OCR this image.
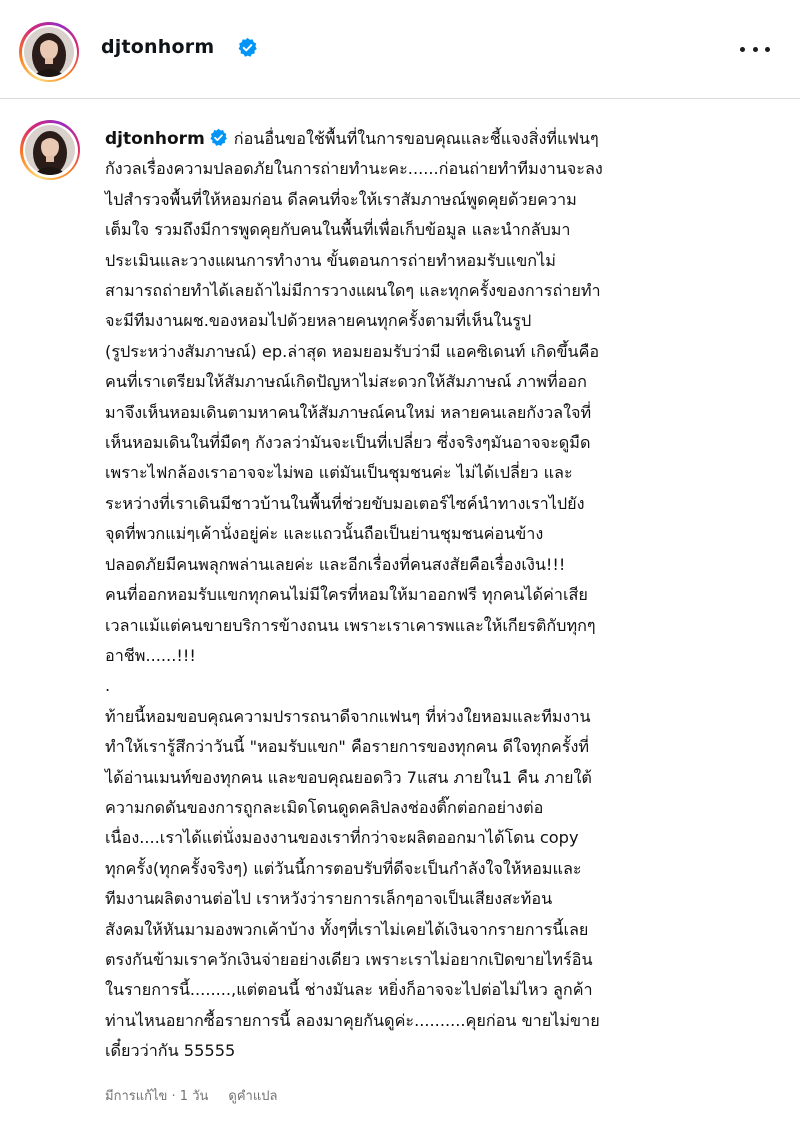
djtonhorm
djtonhorm ก่อนอื่นขอใช้พื้นที่ในการขอบคุณและชี้แจงสิ่งที่แฟนๆ
กังวลเรื่องความปลอดภัยในการถ่ายทำนะคะ......ก่อนถ่ายทำทีมงานจะลง
ไปสำรวจพื้นที่ให้หอมก่อน ดีลคนที่จะให้เราสัมภาษณ์พูดคุยด้วยความ
เต็มใจ รวมถึงมีการพูดคุยกับคนในพื้นที่เพื่อเก็บข้อมูล และนำกลับมา
ประเมินและวางแผนการทำงาน ขั้นตอนการถ่ายทำหอมรับแขกไม่
สามารถถ่ายทำได้เลยถ้าไม่มีการวางแผนใดๆ และทุกครั้งของการถ่ายทำ
จะมีทีมงานผช.ของหอมไปด้วยหลายคนทุกครั้งตามที่เห็นในรูป
(รูประหว่างสัมภาษณ์) ep.ล่าสุด หอมยอมรับว่ามี แอคซิเดนท์ เกิดขึ้นคือ
คนที่เราเตรียมให้สัมภาษณ์เกิดปัญหาไม่สะดวกให้สัมภาษณ์ ภาพที่ออก
มาจึงเห็นหอมเดินตามหาคนให้สัมภาษณ์คนใหม่ หลายคนเลยกังวลใจที่
เห็นหอมเดินในที่มืดๆ กังวลว่ามันจะเป็นที่เปลี่ยว ซึ่งจริงๆมันอาจจะดูมืด
เพราะไฟกล้องเราอาจจะไม่พอ แต่มันเป็นชุมชนค่ะ ไม่ได้เปลี่ยว และ
ระหว่างที่เราเดินมีชาวบ้านในพื้นที่ช่วยขับมอเตอร์ไซค์นำทางเราไปยัง
จุดที่พวกแม่ๆเค้านั่งอยู่ค่ะ และแถวนั้นถือเป็นย่านชุมชนค่อนข้าง
ปลอดภัยมีคนพลุกพล่านเลยค่ะ และอีกเรื่องที่คนสงสัยคือเรื่องเงิน!!!
คนที่ออกหอมรับแขกทุกคนไม่มีใครที่หอมให้มาออกฟรี ทุกคนได้ค่าเสีย
เวลาแม้แต่คนขายบริการข้างถนน เพราะเราเคารพและให้เกียรติกับทุกๆ
อาชีพ......!!!
.
ท้ายนี้หอมขอบคุณความปรารถนาดีจากแฟนๆ ที่ห่วงใยหอมและทีมงาน
ทำให้เรารู้สึกว่าวันนี้ "หอมรับแขก" คือรายการของทุกคน ดีใจทุกครั้งที่
ได้อ่านเมนท์ของทุกคน และขอบคุณยอดวิว 7แสน ภายใน1 คืน ภายใต้
ความกดดันของการถูกละเมิดโดนดูดคลิปลงช่องติ๊กต่อกอย่างต่อ
เนื่อง....เราได้แต่นั่งมองงานของเราที่กว่าจะผลิตออกมาได้โดน copy
ทุกครั้ง(ทุกครั้งจริงๆ) แต่วันนี้การตอบรับที่ดีจะเป็นกำลังใจให้หอมและ
ทีมงานผลิตงานต่อไป เราหวังว่ารายการเล็กๆอาจเป็นเสียงสะท้อน
สังคมให้หันมามองพวกเค้าบ้าง ทั้งๆที่เราไม่เคยได้เงินจากรายการนี้เลย
ตรงกันข้ามเราควักเงินจ่ายอย่างเดียว เพราะเราไม่อยากเปิดขายไทร์อิน
ในรายการนี้........,แต่ตอนนี้ ช่างมันละ หยิ่งก็อาจจะไปต่อไม่ไหว ลูกค้า
ท่านไหนอยากซื้อรายการนี้ ลองมาคุยกันดูค่ะ..........คุยก่อน ขายไม่ขาย
เดี๋ยวว่ากัน 55555
มีการแก้ไข · 1 วัน ดูคำแปล
